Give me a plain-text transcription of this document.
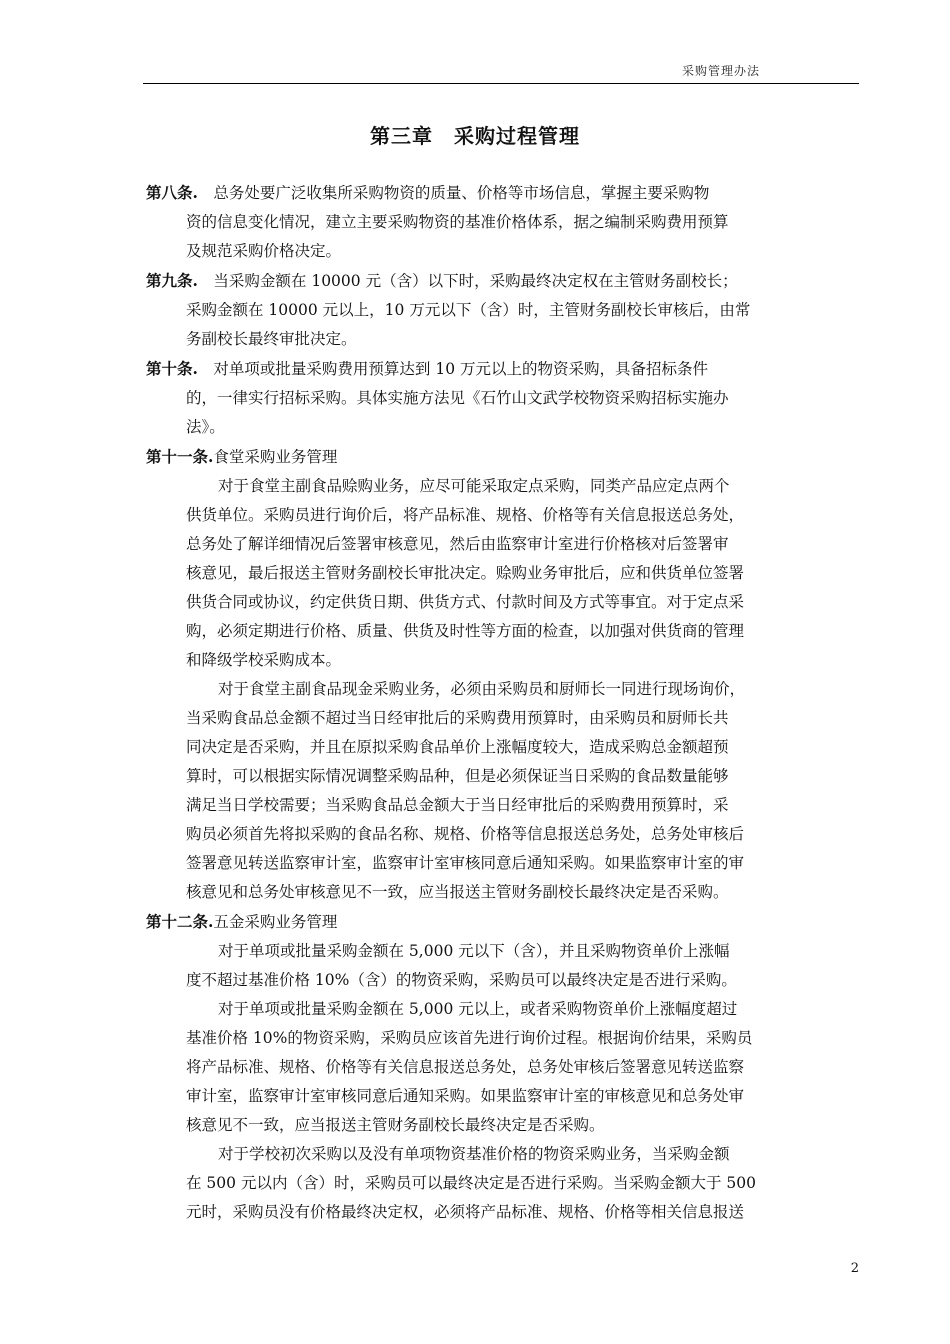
采购管理办法
第三章　采购过程管理
第八条.　总务处要广泛收集所采购物资的质量、价格等市场信息，掌握主要采购物
资的信息变化情况，建立主要采购物资的基准价格体系，据之编制采购费用预算
及规范采购价格决定。
第九条.　当采购金额在 10000 元（含）以下时，采购最终决定权在主管财务副校长；
采购金额在 10000 元以上，10 万元以下（含）时，主管财务副校长审核后，由常
务副校长最终审批决定。
第十条.　对单项或批量采购费用预算达到 10 万元以上的物资采购，具备招标条件
的，一律实行招标采购。具体实施方法见《石竹山文武学校物资采购招标实施办
法》。
第十一条.食堂采购业务管理
对于食堂主副食品赊购业务，应尽可能采取定点采购，同类产品应定点两个
供货单位。采购员进行询价后，将产品标准、规格、价格等有关信息报送总务处，
总务处了解详细情况后签署审核意见，然后由监察审计室进行价格核对后签署审
核意见，最后报送主管财务副校长审批决定。赊购业务审批后，应和供货单位签署
供货合同或协议，约定供货日期、供货方式、付款时间及方式等事宜。对于定点采
购，必须定期进行价格、质量、供货及时性等方面的检查，以加强对供货商的管理
和降级学校采购成本。
对于食堂主副食品现金采购业务，必须由采购员和厨师长一同进行现场询价，
当采购食品总金额不超过当日经审批后的采购费用预算时，由采购员和厨师长共
同决定是否采购，并且在原拟采购食品单价上涨幅度较大，造成采购总金额超预
算时，可以根据实际情况调整采购品种，但是必须保证当日采购的食品数量能够
满足当日学校需要；当采购食品总金额大于当日经审批后的采购费用预算时，采
购员必须首先将拟采购的食品名称、规格、价格等信息报送总务处，总务处审核后
签署意见转送监察审计室，监察审计室审核同意后通知采购。如果监察审计室的审
核意见和总务处审核意见不一致，应当报送主管财务副校长最终决定是否采购。
第十二条.五金采购业务管理
对于单项或批量采购金额在 5,000 元以下（含），并且采购物资单价上涨幅
度不超过基准价格 10%（含）的物资采购，采购员可以最终决定是否进行采购。
对于单项或批量采购金额在 5,000 元以上，或者采购物资单价上涨幅度超过
基准价格 10%的物资采购，采购员应该首先进行询价过程。根据询价结果，采购员
将产品标准、规格、价格等有关信息报送总务处，总务处审核后签署意见转送监察
审计室，监察审计室审核同意后通知采购。如果监察审计室的审核意见和总务处审
核意见不一致，应当报送主管财务副校长最终决定是否采购。
对于学校初次采购以及没有单项物资基准价格的物资采购业务，当采购金额
在 500 元以内（含）时，采购员可以最终决定是否进行采购。当采购金额大于 500
元时，采购员没有价格最终决定权，必须将产品标准、规格、价格等相关信息报送
2
